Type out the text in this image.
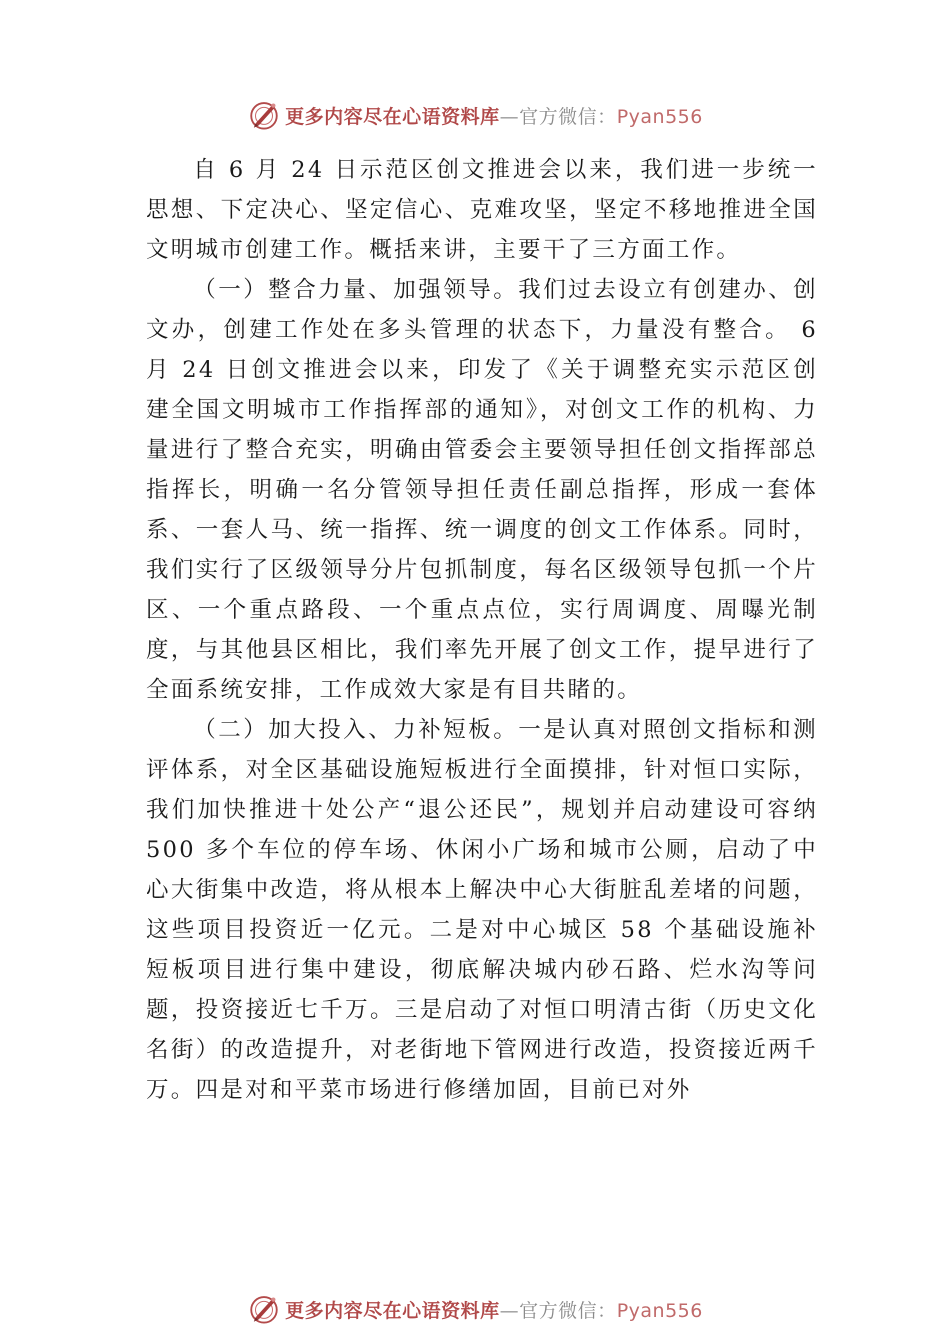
更多内容尽在心语资料库—官方微信：Pyan556

自 6 月 24 日示范区创文推进会以来，我们进一步统一思想、下定决心、坚定信心、克难攻坚，坚定不移地推进全国文明城市创建工作。概括来讲，主要干了三方面工作。

（一）整合力量、加强领导。我们过去设立有创建办、创文办，创建工作处在多头管理的状态下，力量没有整合。 6 月 24 日创文推进会以来，印发了《关于调整充实示范区创建全国文明城市工作指挥部的通知》，对创文工作的机构、力量进行了整合充实，明确由管委会主要领导担任创文指挥部总指挥长，明确一名分管领导担任责任副总指挥，形成一套体系、一套人马、统一指挥、统一调度的创文工作体系。同时，我们实行了区级领导分片包抓制度，每名区级领导包抓一个片区、一个重点路段、一个重点点位，实行周调度、周曝光制度，与其他县区相比，我们率先开展了创文工作，提早进行了全面系统安排，工作成效大家是有目共睹的。

（二）加大投入、力补短板。一是认真对照创文指标和测评体系，对全区基础设施短板进行全面摸排，针对恒口实际，我们加快推进十处公产“退公还民”，规划并启动建设可容纳 500 多个车位的停车场、休闲小广场和城市公厕，启动了中心大街集中改造，将从根本上解决中心大街脏乱差堵的问题，这些项目投资近一亿元。二是对中心城区 58 个基础设施补短板项目进行集中建设，彻底解决城内砂石路、烂水沟等问题，投资接近七千万。三是启动了对恒口明清古街（历史文化名街）的改造提升，对老街地下管网进行改造，投资接近两千万。四是对和平菜市场进行修缮加固，目前已对外

更多内容尽在心语资料库—官方微信：Pyan556
